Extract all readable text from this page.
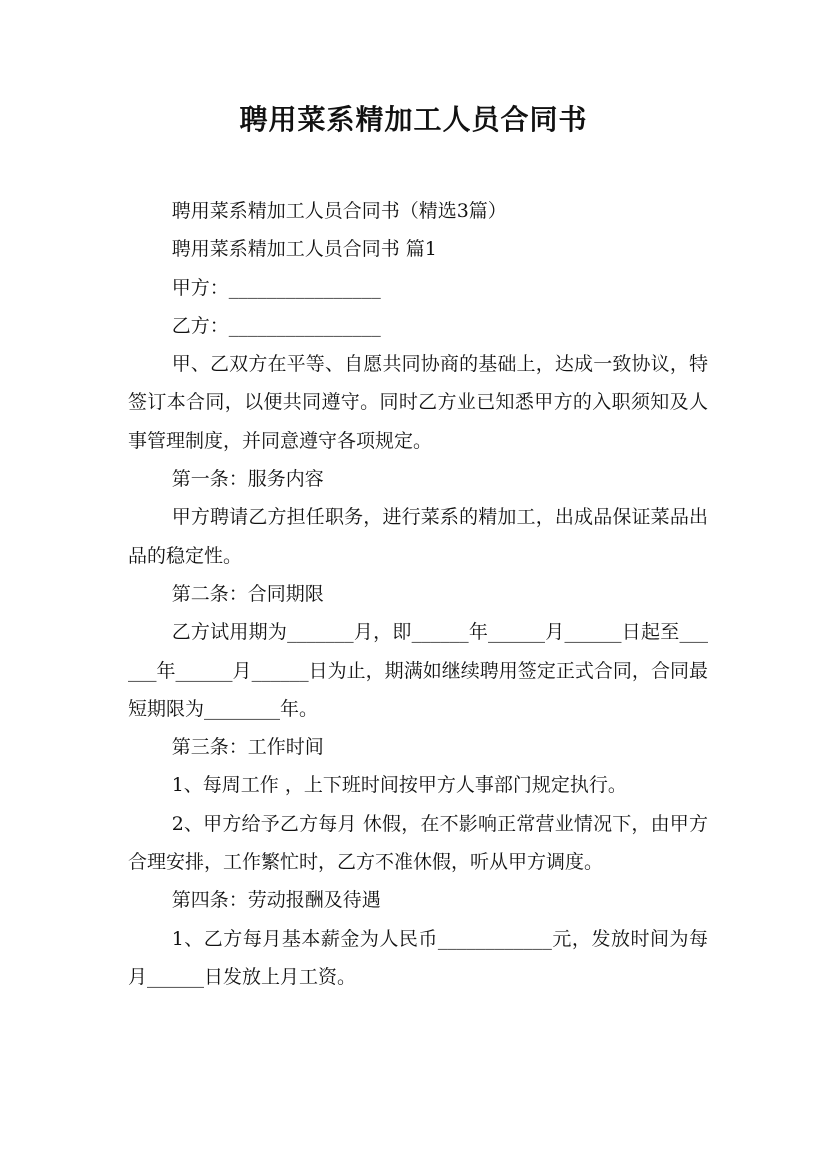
聘用菜系精加工人员合同书

聘用菜系精加工人员合同书（精选3篇）

聘用菜系精加工人员合同书 篇1

甲方：________________

乙方：________________

甲、乙双方在平等、自愿共同协商的基础上，达成一致协议，特签订本合同，以便共同遵守。同时乙方业已知悉甲方的入职须知及人事管理制度，并同意遵守各项规定。

第一条：服务内容

甲方聘请乙方担任职务，进行菜系的精加工，出成品保证菜品出品的稳定性。

第二条：合同期限

乙方试用期为_______月，即______年______月______日起至______年______月______日为止，期满如继续聘用签定正式合同，合同最短期限为________年。

第三条：工作时间

1、每周工作 ，上下班时间按甲方人事部门规定执行。

2、甲方给予乙方每月 休假，在不影响正常营业情况下，由甲方合理安排，工作繁忙时，乙方不准休假，听从甲方调度。

第四条：劳动报酬及待遇

1、乙方每月基本薪金为人民币____________元，发放时间为每月______日发放上月工资。
